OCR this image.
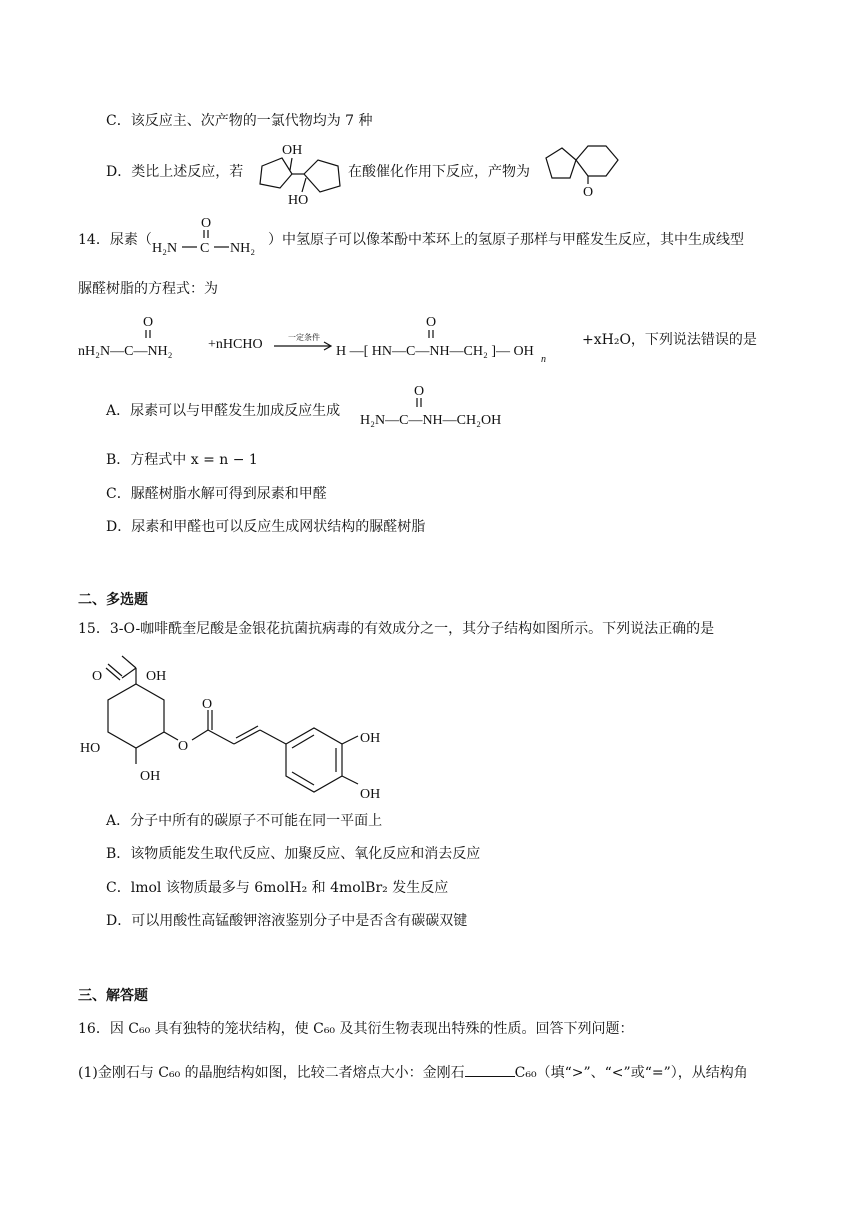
C．该反应主、次产物的一氯代物均为 7 种
D．类比上述反应，若
OH
HO
在酸催化作用下反应，产物为
O
14．尿素（
O
H₂N C NH₂
）中氢原子可以像苯酚中苯环上的氢原子那样与甲醛发生反应，其中生成线型
脲醛树脂的方程式：为
O
nH₂N—C—NH₂	+nHCHO	一定条件
O
H —[ HN—C—NH—CH₂ ]— OH
n
+xH₂O，下列说法错误的是
A．尿素可以与甲醛发生加成反应生成
O
H₂N—C—NH—CH₂OH
B．方程式中 x = n − 1
C．脲醛树脂水解可得到尿素和甲醛
D．尿素和甲醛也可以反应生成网状结构的脲醛树脂
二、多选题
15．3-O-咖啡酰奎尼酸是金银花抗菌抗病毒的有效成分之一，其分子结构如图所示。下列说法正确的是
O	OH
HO
OH
O
O
OH
OH
A．分子中所有的碳原子不可能在同一平面上
B．该物质能发生取代反应、加聚反应、氧化反应和消去反应
C．lmol 该物质最多与 6molH₂ 和 4molBr₂ 发生反应
D．可以用酸性高锰酸钾溶液鉴别分子中是否含有碳碳双键
三、解答题
16．因 C₆₀ 具有独特的笼状结构，使 C₆₀ 及其衍生物表现出特殊的性质。回答下列问题：
(1)金刚石与 C₆₀ 的晶胞结构如图，比较二者熔点大小：金刚石	C₆₀（填“>”、“<”或“=”），从结构角
